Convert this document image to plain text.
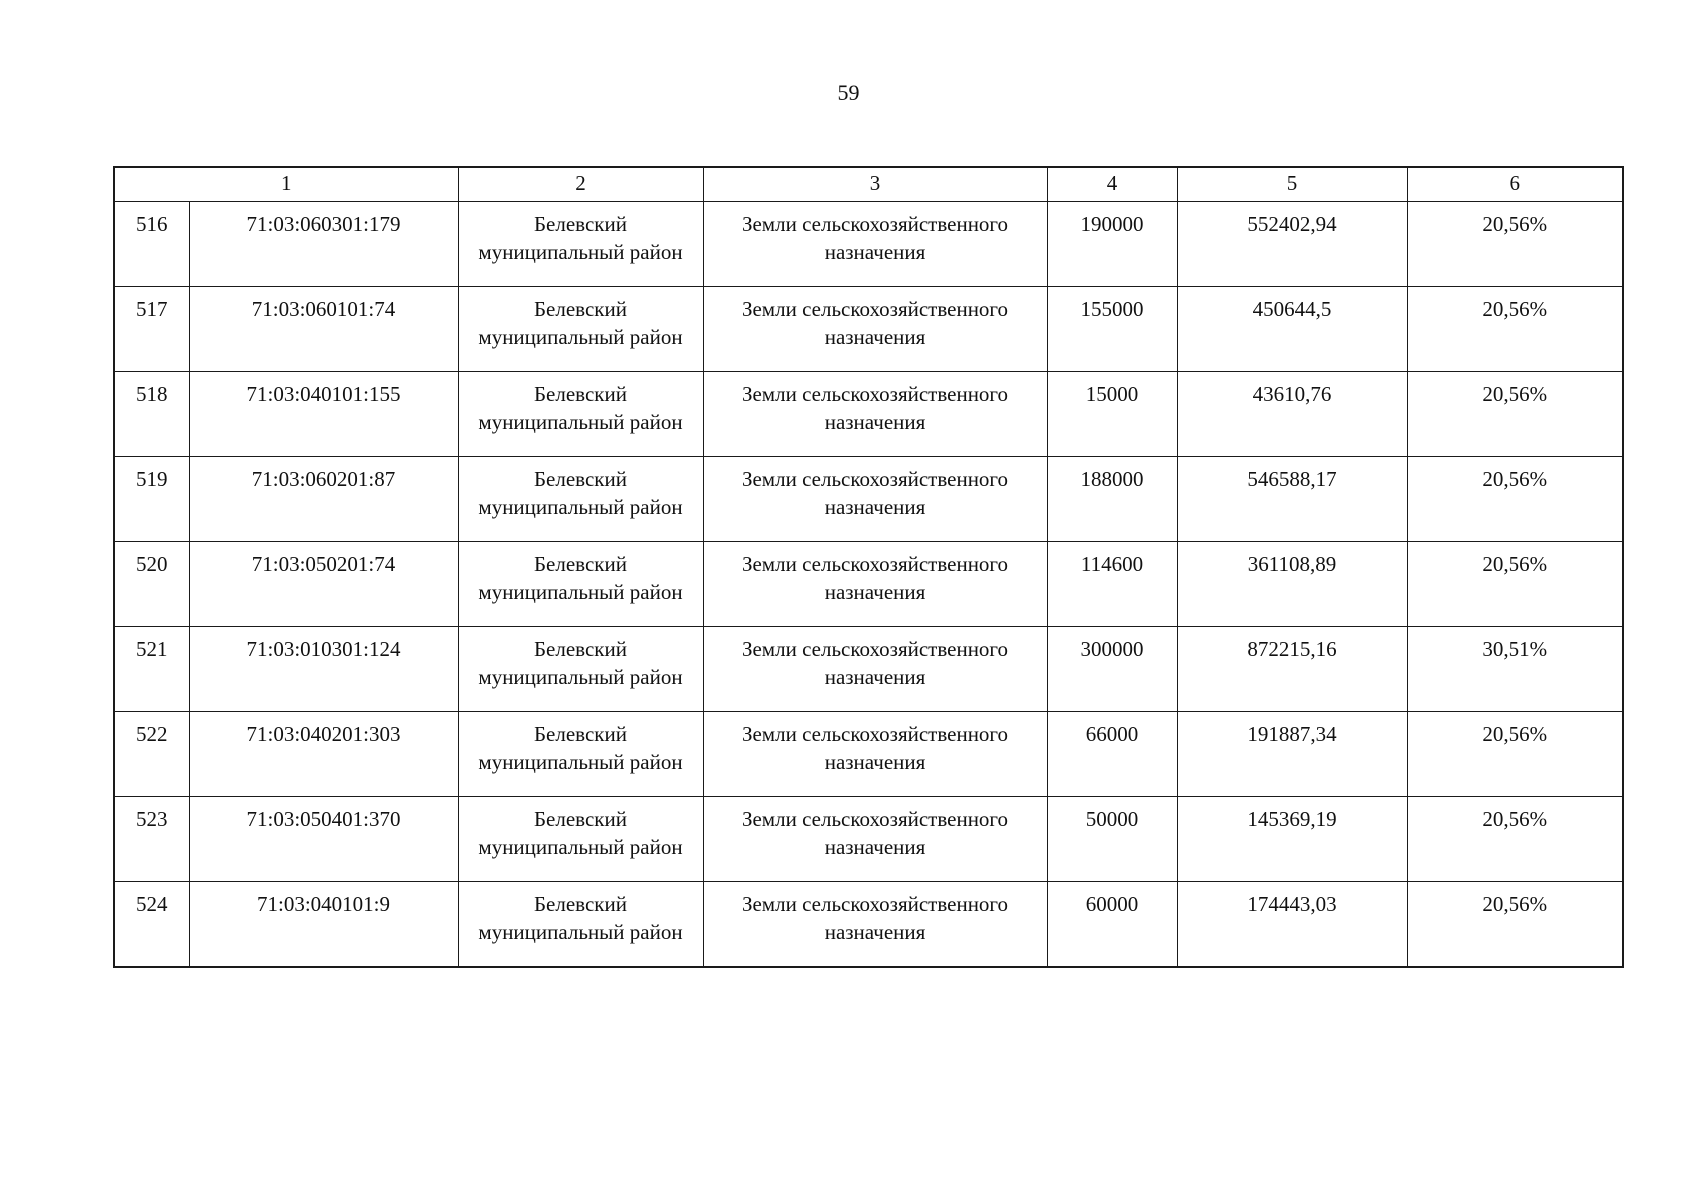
59
1		2	3	4	5	6
516	71:03:060301:179	Белевский муниципальный район	Земли сельскохозяйственного назначения	190000	552402,94	20,56%
517	71:03:060101:74	Белевский муниципальный район	Земли сельскохозяйственного назначения	155000	450644,5	20,56%
518	71:03:040101:155	Белевский муниципальный район	Земли сельскохозяйственного назначения	15000	43610,76	20,56%
519	71:03:060201:87	Белевский муниципальный район	Земли сельскохозяйственного назначения	188000	546588,17	20,56%
520	71:03:050201:74	Белевский муниципальный район	Земли сельскохозяйственного назначения	114600	361108,89	20,56%
521	71:03:010301:124	Белевский муниципальный район	Земли сельскохозяйственного назначения	300000	872215,16	30,51%
522	71:03:040201:303	Белевский муниципальный район	Земли сельскохозяйственного назначения	66000	191887,34	20,56%
523	71:03:050401:370	Белевский муниципальный район	Земли сельскохозяйственного назначения	50000	145369,19	20,56%
524	71:03:040101:9	Белевский муниципальный район	Земли сельскохозяйственного назначения	60000	174443,03	20,56%
